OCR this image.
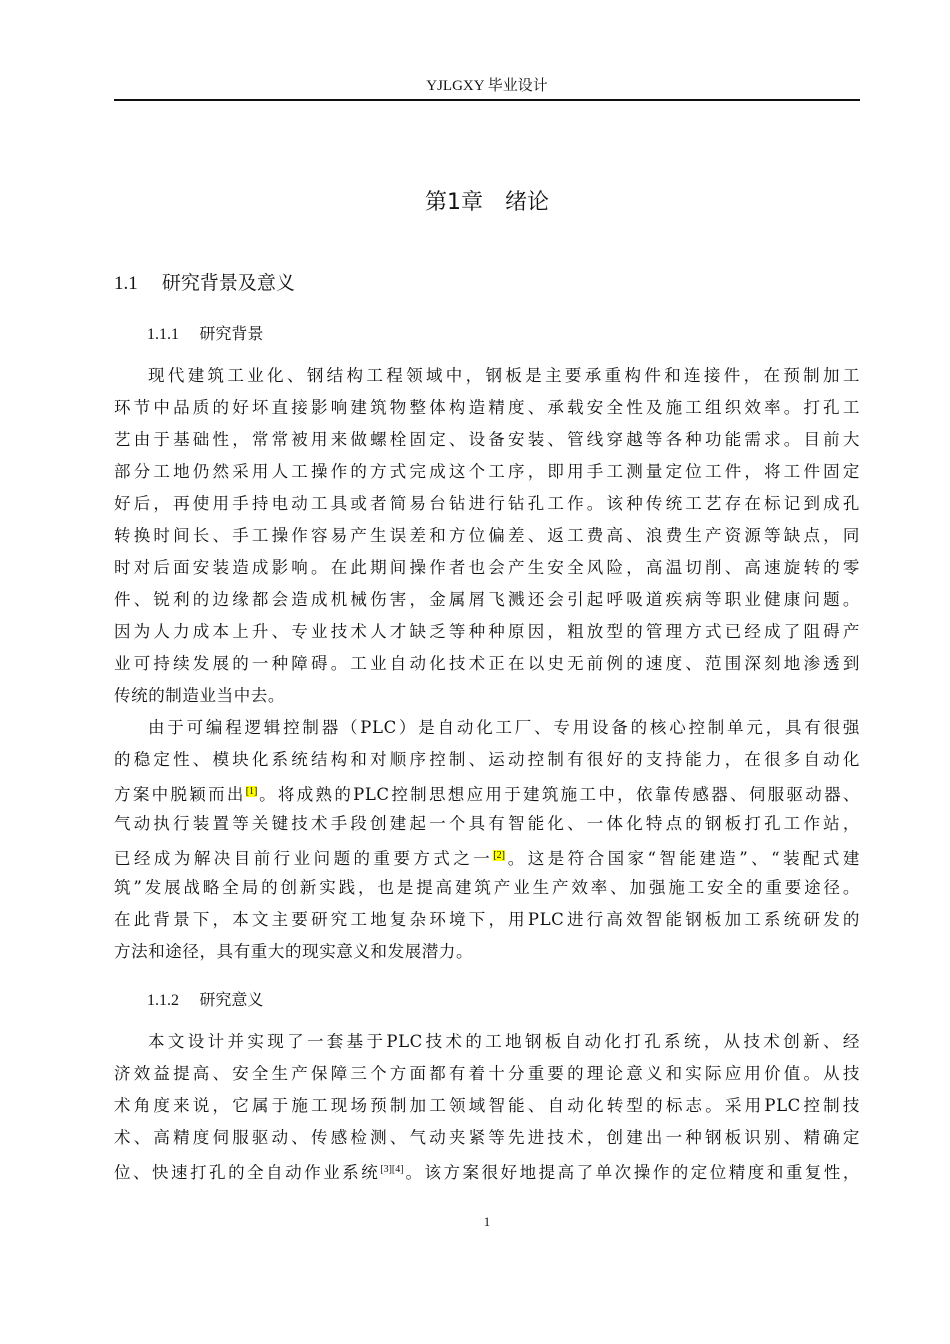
YJLGXY 毕业设计
第1章　绪论
1.1 研究背景及意义
1.1.1 研究背景
现代建筑工业化、钢结构工程领域中，钢板是主要承重构件和连接件，在预制加工
环节中品质的好坏直接影响建筑物整体构造精度、承载安全性及施工组织效率。打孔工
艺由于基础性，常常被用来做螺栓固定、设备安装、管线穿越等各种功能需求。目前大
部分工地仍然采用人工操作的方式完成这个工序，即用手工测量定位工件，将工件固定
好后，再使用手持电动工具或者简易台钻进行钻孔工作。该种传统工艺存在标记到成孔
转换时间长、手工操作容易产生误差和方位偏差、返工费高、浪费生产资源等缺点，同
时对后面安装造成影响。在此期间操作者也会产生安全风险，高温切削、高速旋转的零
件、锐利的边缘都会造成机械伤害，金属屑飞溅还会引起呼吸道疾病等职业健康问题。
因为人力成本上升、专业技术人才缺乏等种种原因，粗放型的管理方式已经成了阻碍产
业可持续发展的一种障碍。工业自动化技术正在以史无前例的速度、范围深刻地渗透到
传统的制造业当中去。
由于可编程逻辑控制器（PLC）是自动化工厂、专用设备的核心控制单元，具有很强
的稳定性、模块化系统结构和对顺序控制、运动控制有很好的支持能力，在很多自动化
方案中脱颖而出[1]。将成熟的PLC控制思想应用于建筑施工中，依靠传感器、伺服驱动器、
气动执行装置等关键技术手段创建起一个具有智能化、一体化特点的钢板打孔工作站，
已经成为解决目前行业问题的重要方式之一[2]。这是符合国家“智能建造”、“装配式建
筑”发展战略全局的创新实践，也是提高建筑产业生产效率、加强施工安全的重要途径。
在此背景下，本文主要研究工地复杂环境下，用PLC进行高效智能钢板加工系统研发的
方法和途径，具有重大的现实意义和发展潜力。
1.1.2 研究意义
本文设计并实现了一套基于PLC技术的工地钢板自动化打孔系统，从技术创新、经
济效益提高、安全生产保障三个方面都有着十分重要的理论意义和实际应用价值。从技
术角度来说，它属于施工现场预制加工领域智能、自动化转型的标志。采用PLC控制技
术、高精度伺服驱动、传感检测、气动夹紧等先进技术，创建出一种钢板识别、精确定
位、快速打孔的全自动作业系统[3][4]。该方案很好地提高了单次操作的定位精度和重复性，
1
